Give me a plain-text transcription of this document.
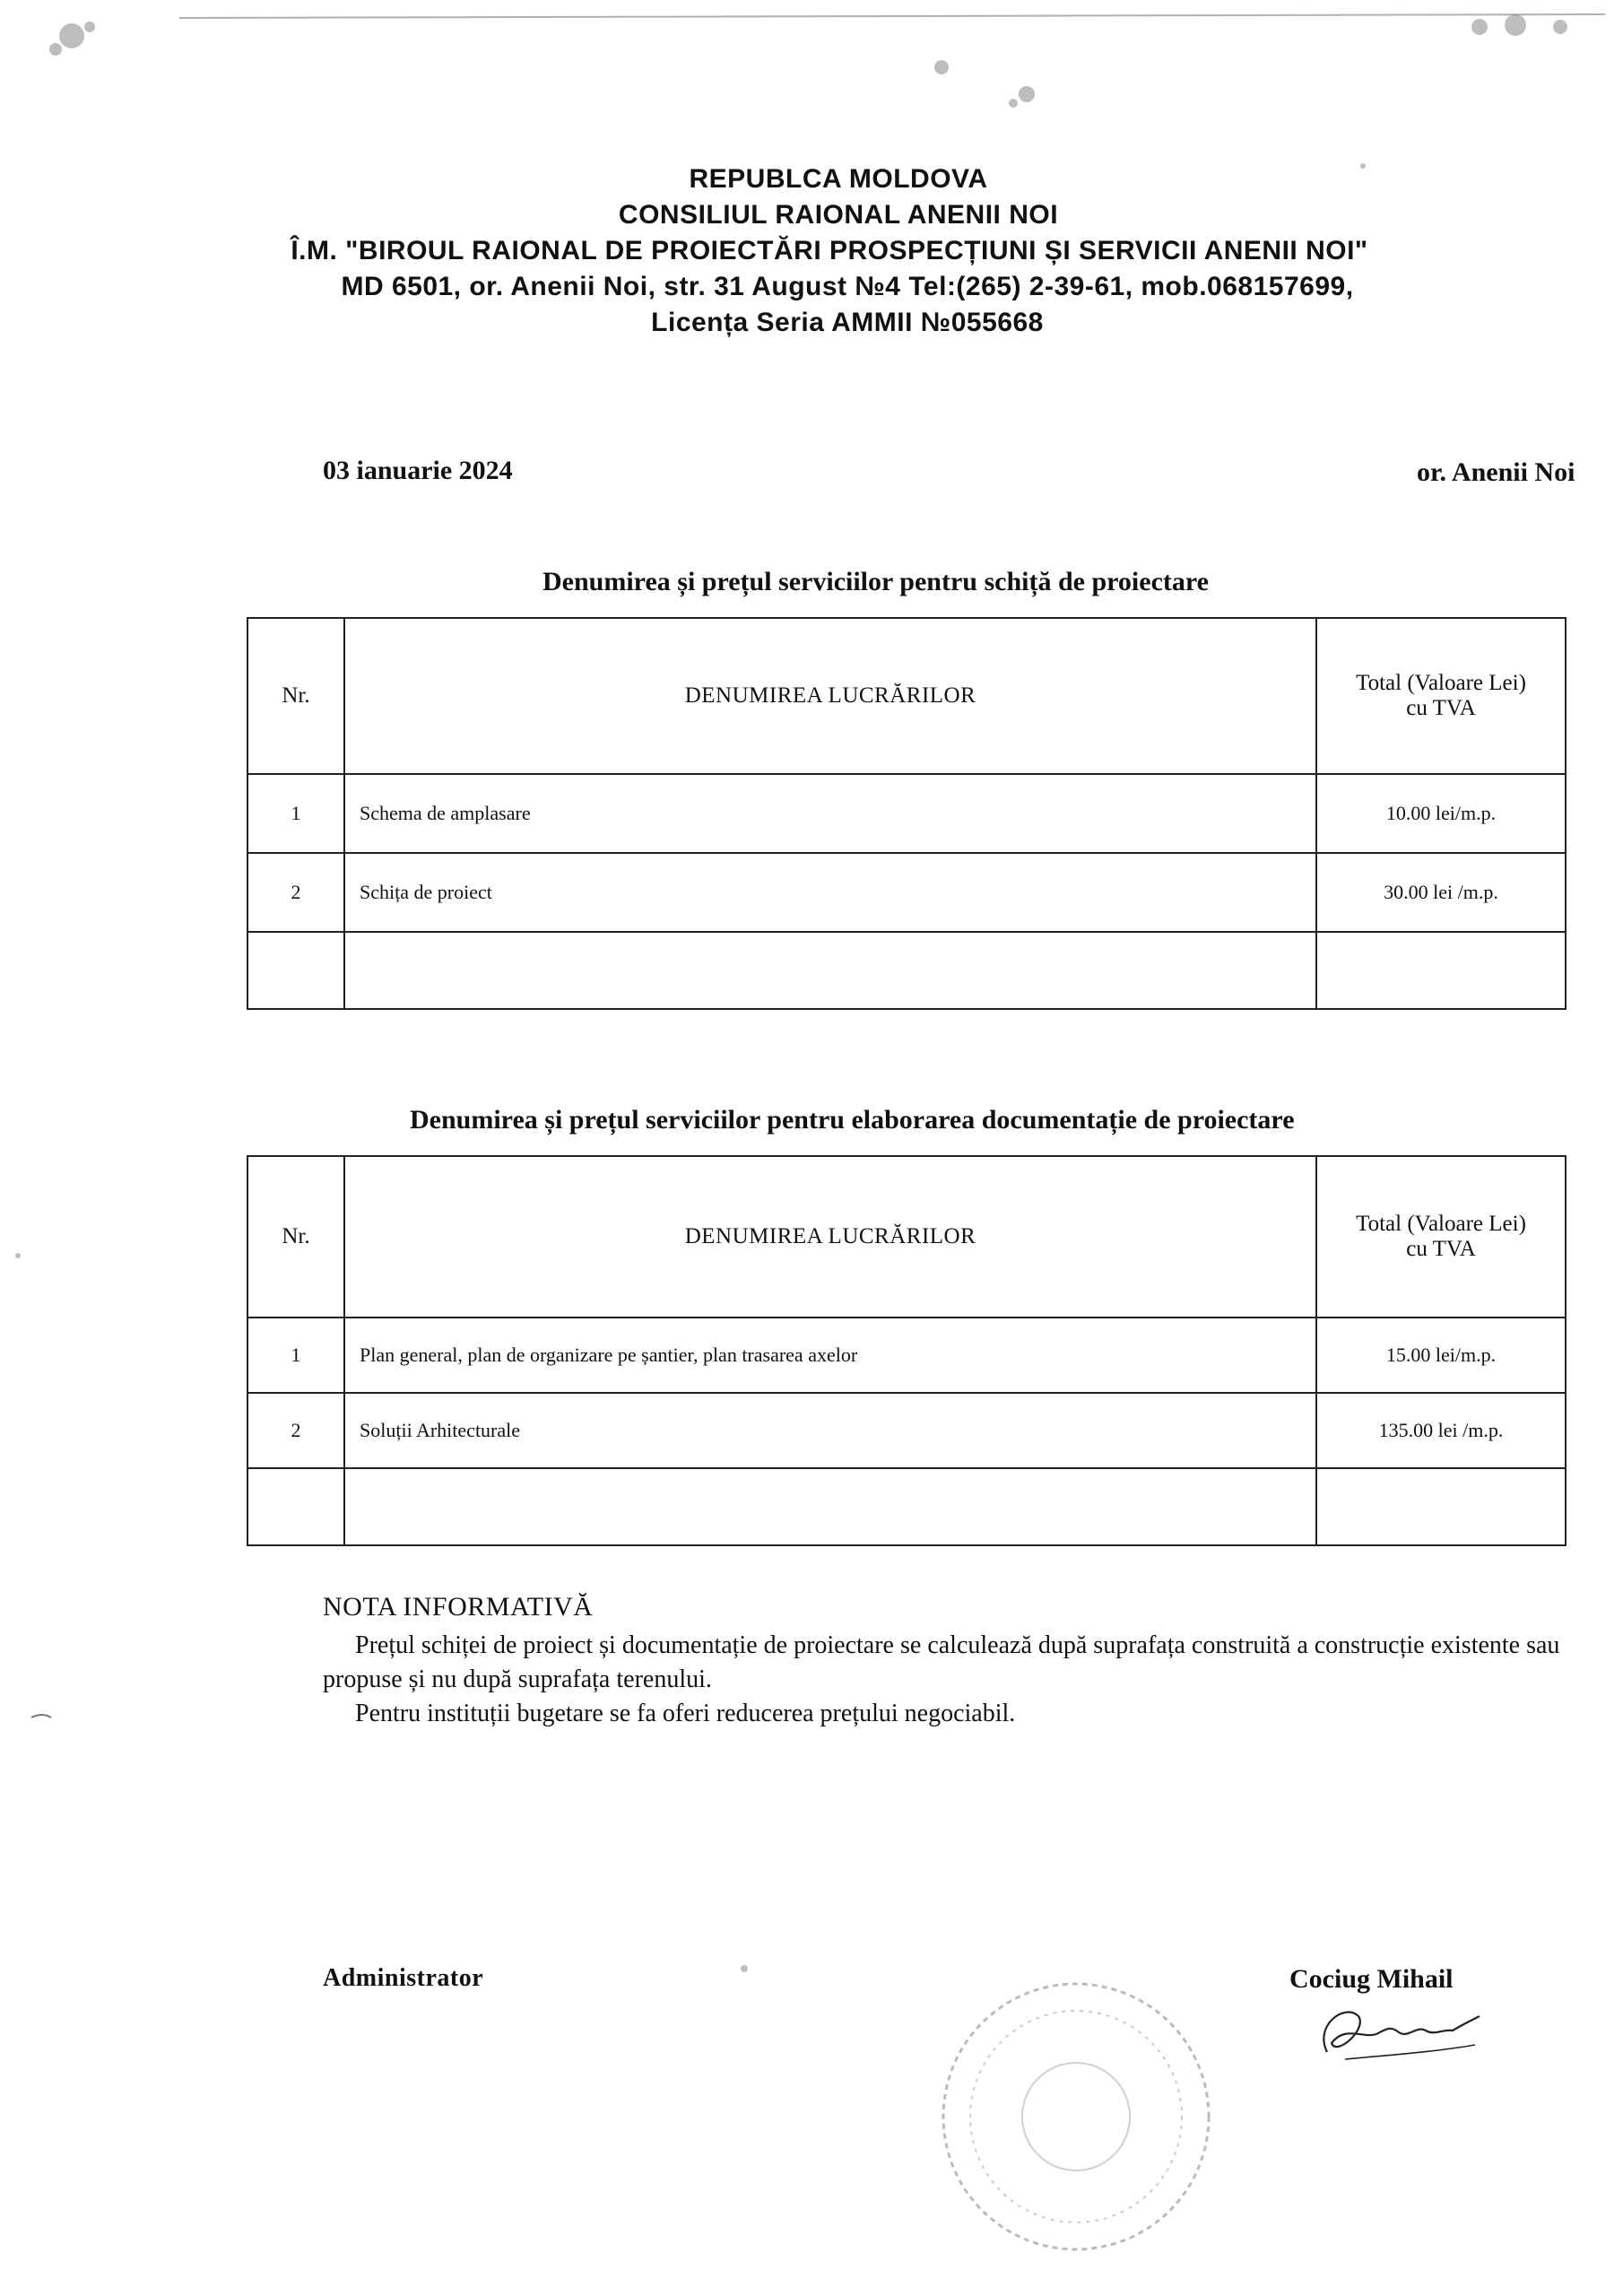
REPUBLCA MOLDOVA
CONSILIUL RAIONAL ANENII NOI
Î.M. "BIROUL RAIONAL DE PROIECTĂRI PROSPECȚIUNI ȘI SERVICII ANENII NOI"
MD 6501, or. Anenii Noi, str. 31 August №4 Tel:(265) 2-39-61, mob.068157699,
Licența Seria AMMII №055668
03 ianuarie 2024	or. Anenii Noi
Denumirea și prețul serviciilor pentru schiță de proiectare
Nr.	DENUMIREA LUCRĂRILOR	Total (Valoare Lei)
cu TVA
1	Schema de amplasare	10.00 lei/m.p.
2	Schița de proiect	30.00 lei /m.p.

Denumirea și prețul serviciilor pentru elaborarea documentație de proiectare
Nr.	DENUMIREA LUCRĂRILOR	Total (Valoare Lei)
cu TVA
1	Plan general, plan de organizare pe șantier, plan trasarea axelor	15.00 lei/m.p.
2	Soluții Arhitecturale	135.00 lei /m.p.

NOTA INFORMATIVĂ
Prețul schiței de proiect și documentație de proiectare se calculează după suprafața construită a construcție existente sau propuse și nu după suprafața terenului.
Pentru instituții bugetare se fa oferi reducerea prețului negociabil.
Administrator	Cociug Mihail
